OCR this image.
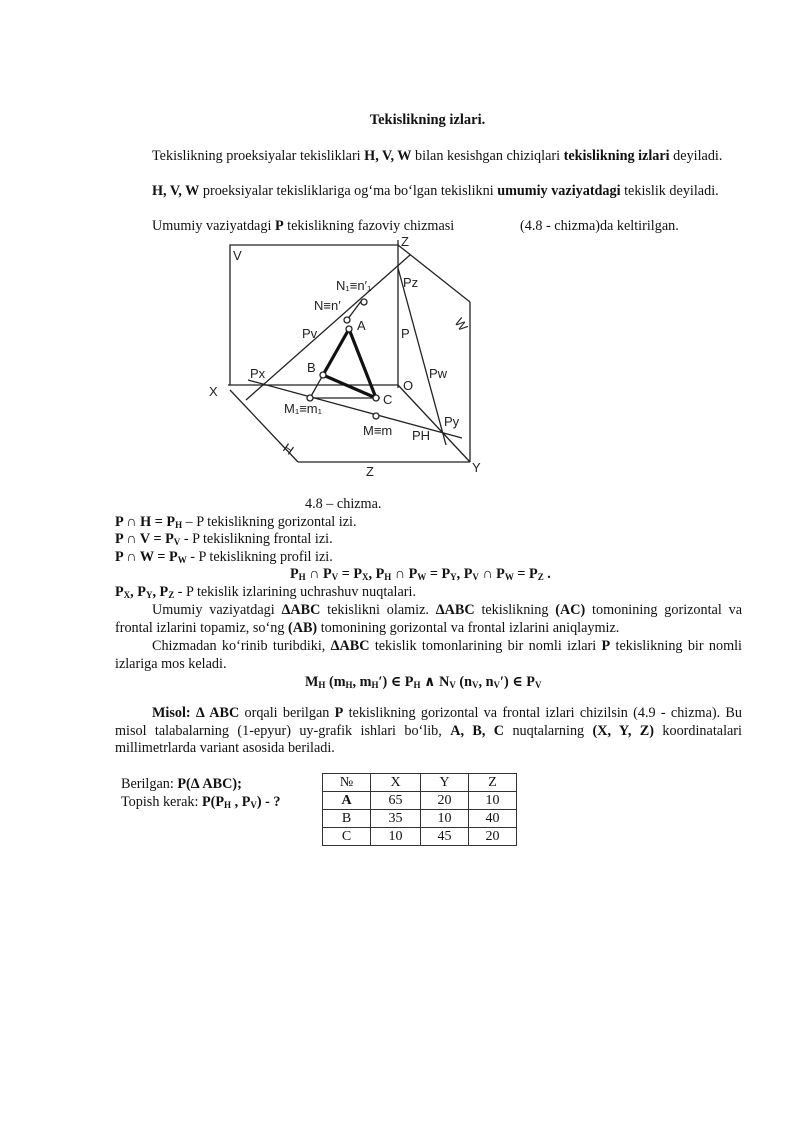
Tekislikning izlari.
Tekislikning proeksiyalar tekisliklari H, V, W bilan kesishgan chiziqlari tekislikning izlari deyiladi.
H, V, W proeksiyalar tekisliklariga ogʻma boʻlgan tekislikni umumiy vaziyatdagi tekislik deyiladi.
Umumiy vaziyatdagi P tekislikning fazoviy chizmasi	(4.8 - chizma)da keltirilgan.
V
Z
W
X
Y
Z
H
N₁≡n′₁
N≡n′
Pz
Pv
A
P
Pw
Px	B
O
C
Py
M₁≡m₁
M≡m PH
4.8 – chizma.
P ∩ $H = P_H - P$ tekislikning gorizontal izi.
P ∩ $V = P_V - P$ tekislikning frontal izi.
P ∩ $W = P_W - P$ tekislikning profil izi.
$P_H$ ∩ $P_V = P_X$, $P_H$ ∩ $P_W = P_Y$, $P_V$ ∩ $P_W = P_Z$ .
$P_X$, $P_Y$, $P_Z$ - P tekislik izlarining uchrashuv nuqtalari.
Umumiy vaziyatdagi ΔABC tekislikni olamiz. ΔABC tekislikning (AC) tomonining gorizontal va frontal izlarini topamiz, soʻng (AB) tomonining gorizontal va frontal izlarini aniqlaymiz.
Chizmadan koʻrinib turibdiki, ΔABC tekislik tomonlarining bir nomli izlari P tekislikning bir nomli izlariga mos keladi.
$M_H$ ($m_H$, $m_H'$) ∈ $P_H$ ∧ $N_V$ ($n_V$, $n_V'$) ∈ $P_V$
Misol: Δ ABC orqali berilgan P tekislikning gorizontal va frontal izlari chizilsin (4.9 - chizma). Bu misol talabalarning (1-epyur) uy-grafik ishlari boʻlib, A, B, C nuqtalarning (X, Y, Z) koordinatalari millimetrlarda variant asosida beriladi.
Berilgan: P(Δ ABC);
Topish kerak: $P(P_H$ , $P_V$) - ?
№	X	Y	Z
A	65	20	10
B	35	10	40
C	10	45	20
